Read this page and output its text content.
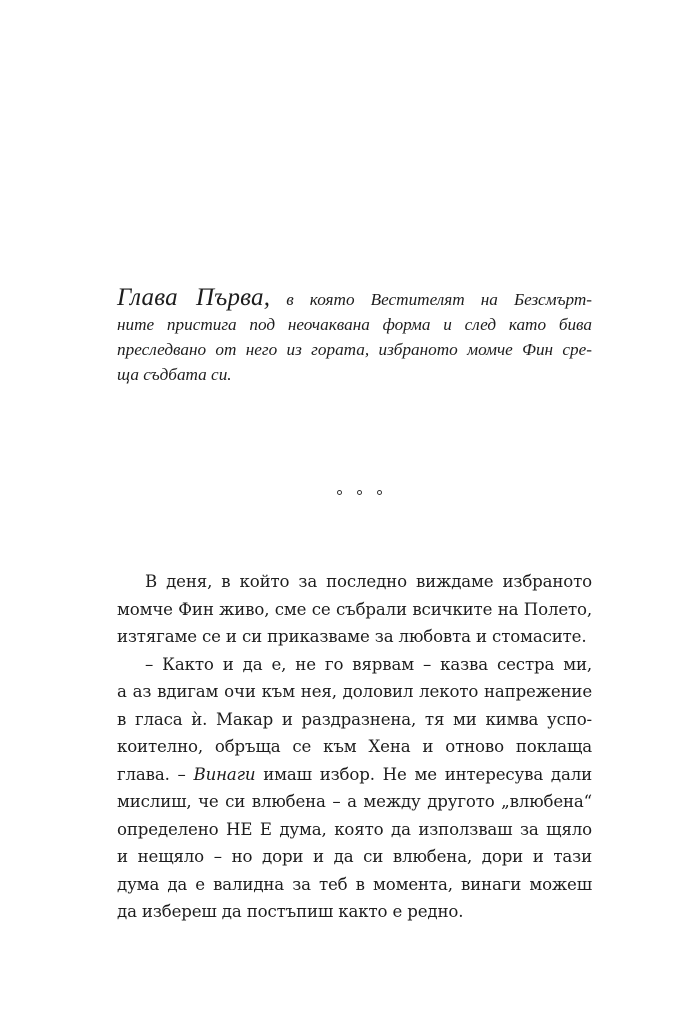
Глава Първа, в която Вестителят на Безсмърт-
ните пристига под неочаквана форма и след като бива
преследвано от него из гората, избраното момче Фин сре-
ща съдбата си.
В деня, в който за последно виждаме избраното
момче Фин живо, сме се събрали всичките на Полето,
изтягаме се и си приказваме за любовта и стомасите.
– Както и да е, не го вярвам – казва сестра ми,
а аз вдигам очи към нея, доловил лекото напрежение
в гласа ѝ. Макар и раздразнена, тя ми кимва успо-
коително, обръща се към Хена и отново поклаща
глава. – Винаги имаш избор. Не ме интересува дали
мислиш, че си влюбена – а между другото „влюбена“
определено НЕ Е дума, която да използваш за щяло
и нещяло – но дори и да си влюбена, дори и тази
дума да е валидна за теб в момента, винаги можеш
да избереш да постъпиш както е редно.
